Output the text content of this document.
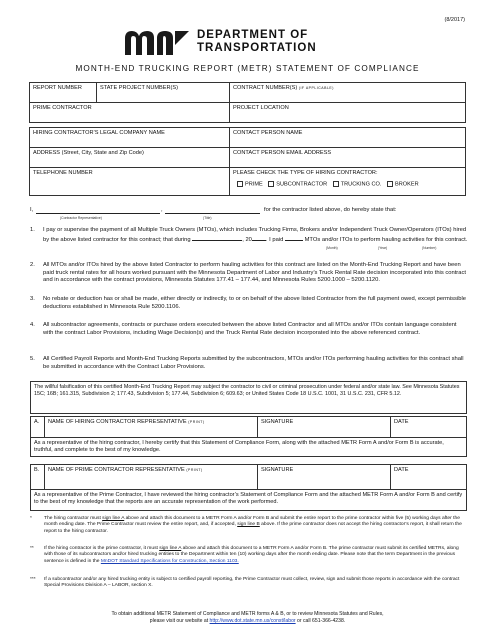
(8/2017)
DEPARTMENT OF
TRANSPORTATION
MONTH-END TRUCKING REPORT (METR) STATEMENT OF COMPLIANCE
REPORT NUMBER	STATE PROJECT NUMBER(S)	CONTRACT NUMBER(S) (IF APPLICABLE)
PRIME CONTRACTOR		PROJECT LOCATION
HIRING CONTRACTOR’S LEGAL COMPANY NAME	CONTACT PERSON NAME
ADDRESS (Street, City, State and Zip Code)	CONTACT PERSON EMAIL ADDRESS
TELEPHONE NUMBER	PLEASE CHECK THE TYPE OF HIRING CONTRACTOR:
PRIME SUBCONTRACTOR TRUCKING CO. BROKER
I,	,	for the contractor listed above, do hereby state that:
(Contractor Representative)	(Title)
1. I pay or supervise the payment of all Multiple Truck Owners (MTOs), which includes Trucking Firms, Brokers and/or Independent Truck Owner/Operators (ITOs) hired by the above listed contractor for this contract; that during	, 20 . I paid	MTOs and/or ITOs to perform hauling activities for this contract.
(Month)	(Year)	(Number)
2. All MTOs and/or ITOs hired by the above listed Contractor to perform hauling activities for this contract are listed on the Month-End Trucking Report and have been paid truck rental rates for all hours worked pursuant with the Minnesota Department of Labor and Industry’s Truck Rental Rate decision incorporated into this contract and in accordance with the contract provisions, Minnesota Statutes 177.41 – 177.44, and Minnesota Rules 5200.1000 – 5200.1120.
3. No rebate or deduction has or shall be made, either directly or indirectly, to or on behalf of the above listed Contractor from the full payment owed, except permissible deductions established in Minnesota Rule 5200.1106.
4. All subcontractor agreements, contracts or purchase orders executed between the above listed Contractor and all MTOs and/or ITOs contain language consistent with the contract Labor Provisions, including Wage Decision(s) and the Truck Rental Rate decision incorporated into the above referenced contract.
5. All Certified Payroll Reports and Month-End Trucking Reports submitted by the subcontractors, MTOs and/or ITOs performing hauling activities for this contract shall be submitted in accordance with the Contract Labor Provisions.
The willful falsification of this certified Month-End Trucking Report may subject the contractor to civil or criminal prosecution under federal and/or state law. See Minnesota Statutes 15C; 16B; 161.315, Subdivision 2; 177.43, Subdivision 5; 177.44, Subdivision 6; 609.63; or United States Code 18 U.S.C. 1001, 31 U.S.C. 231, CFR 5.12.
A.	NAME OF HIRING CONTRACTOR REPRESENTATIVE (PRINT)	SIGNATURE	DATE
As a representative of the hiring contractor, I hereby certify that this Statement of Compliance Form, along with the attached METR Form A and/or Form B is accurate, truthful, and complete to the best of my knowledge.
B.	NAME OF PRIME CONTRACTOR REPRESENTATIVE (PRINT)	SIGNATURE	DATE
As a representative of the Prime Contractor, I have reviewed the hiring contractor’s Statement of Compliance Form and the attached METR Form A and/or Form B and certify to the best of my knowledge that the reports are an accurate representation of the work performed.
* The hiring contractor must sign line A above and attach this document to a METR Form A and/or Form B and submit the entire report to the prime contractor within five (5) working days after the month ending date. The Prime Contractor must review the entire report, and, if accepted, sign line B above. If the prime contractor does not accept the hiring contractor’s report, it shall return the report to the hiring contractor.
** If the hiring contractor is the prime contractor, it must sign line A above and attach this document to a METR Form A and/or Form B. The prime contractor must submit its certified METRs, along with those of its subcontractors and/or hired trucking entities to the Department within ten (10) working days after the month ending date. Please note that the term Department in the previous sentence is defined in the MnDOT Standard Specifications for Construction, Section 1103.
*** If a subcontractor and/or any hired trucking entity is subject to certified payroll reporting, the Prime Contractor must collect, review, sign and submit those reports in accordance with the contract Special Provisions Division A – LABOR, section X.
To obtain additional METR Statement of Compliance and METR forms A & B, or to review Minnesota Statutes and Rules,
please visit our website at http://www.dot.state.mn.us/const/labor or call 651-366-4238.
